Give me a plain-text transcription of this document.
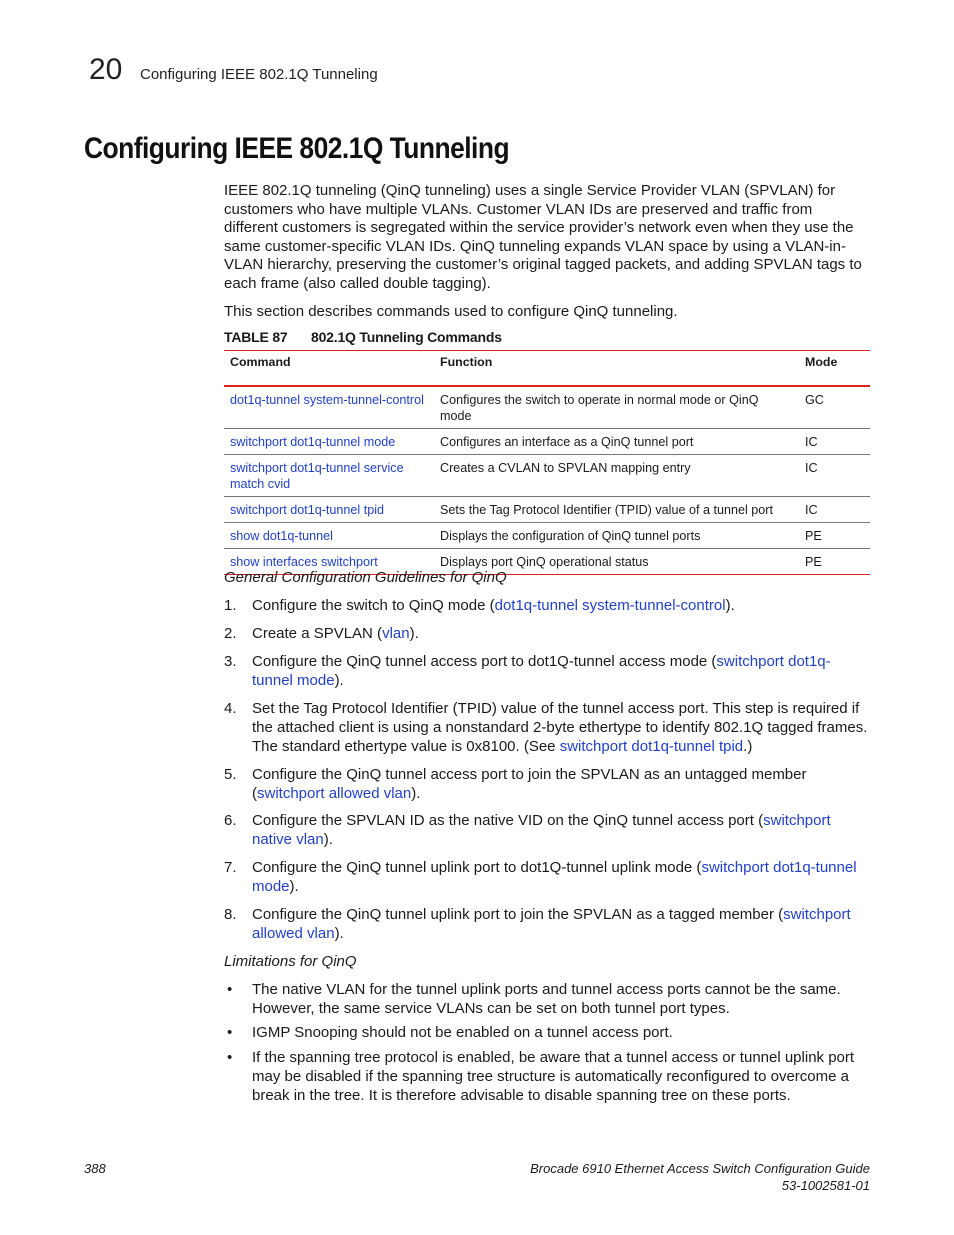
20 Configuring IEEE 802.1Q Tunneling
Configuring IEEE 802.1Q Tunneling

IEEE 802.1Q tunneling (QinQ tunneling) uses a single Service Provider VLAN (SPVLAN) for customers who have multiple VLANs. Customer VLAN IDs are preserved and traffic from different customers is segregated within the service provider’s network even when they use the same customer-specific VLAN IDs. QinQ tunneling expands VLAN space by using a VLAN-in-VLAN hierarchy, preserving the customer’s original tagged packets, and adding SPVLAN tags to each frame (also called double tagging).

This section describes commands used to configure QinQ tunneling.

TABLE 87 802.1Q Tunneling Commands
Command	Function	Mode
dot1q-tunnel system-tunnel-control	Configures the switch to operate in normal mode or QinQ mode	GC
switchport dot1q-tunnel mode	Configures an interface as a QinQ tunnel port	IC
switchport dot1q-tunnel service match cvid	Creates a CVLAN to SPVLAN mapping entry	IC
switchport dot1q-tunnel tpid	Sets the Tag Protocol Identifier (TPID) value of a tunnel port	IC
show dot1q-tunnel	Displays the configuration of QinQ tunnel ports	PE
show interfaces switchport	Displays port QinQ operational status	PE
General Configuration Guidelines for QinQ
1. Configure the switch to QinQ mode (dot1q-tunnel system-tunnel-control).
2. Create a SPVLAN (vlan).
3. Configure the QinQ tunnel access port to dot1Q-tunnel access mode (switchport dot1q-tunnel mode).
4. Set the Tag Protocol Identifier (TPID) value of the tunnel access port. This step is required if the attached client is using a nonstandard 2-byte ethertype to identify 802.1Q tagged frames. The standard ethertype value is 0x8100. (See switchport dot1q-tunnel tpid.)
5. Configure the QinQ tunnel access port to join the SPVLAN as an untagged member (switchport allowed vlan).
6. Configure the SPVLAN ID as the native VID on the QinQ tunnel access port (switchport native vlan).
7. Configure the QinQ tunnel uplink port to dot1Q-tunnel uplink mode (switchport dot1q-tunnel mode).
8. Configure the QinQ tunnel uplink port to join the SPVLAN as a tagged member (switchport allowed vlan).
Limitations for QinQ
• The native VLAN for the tunnel uplink ports and tunnel access ports cannot be the same. However, the same service VLANs can be set on both tunnel port types.
• IGMP Snooping should not be enabled on a tunnel access port.
• If the spanning tree protocol is enabled, be aware that a tunnel access or tunnel uplink port may be disabled if the spanning tree structure is automatically reconfigured to overcome a break in the tree. It is therefore advisable to disable spanning tree on these ports.
388	Brocade 6910 Ethernet Access Switch Configuration Guide
53-1002581-01
